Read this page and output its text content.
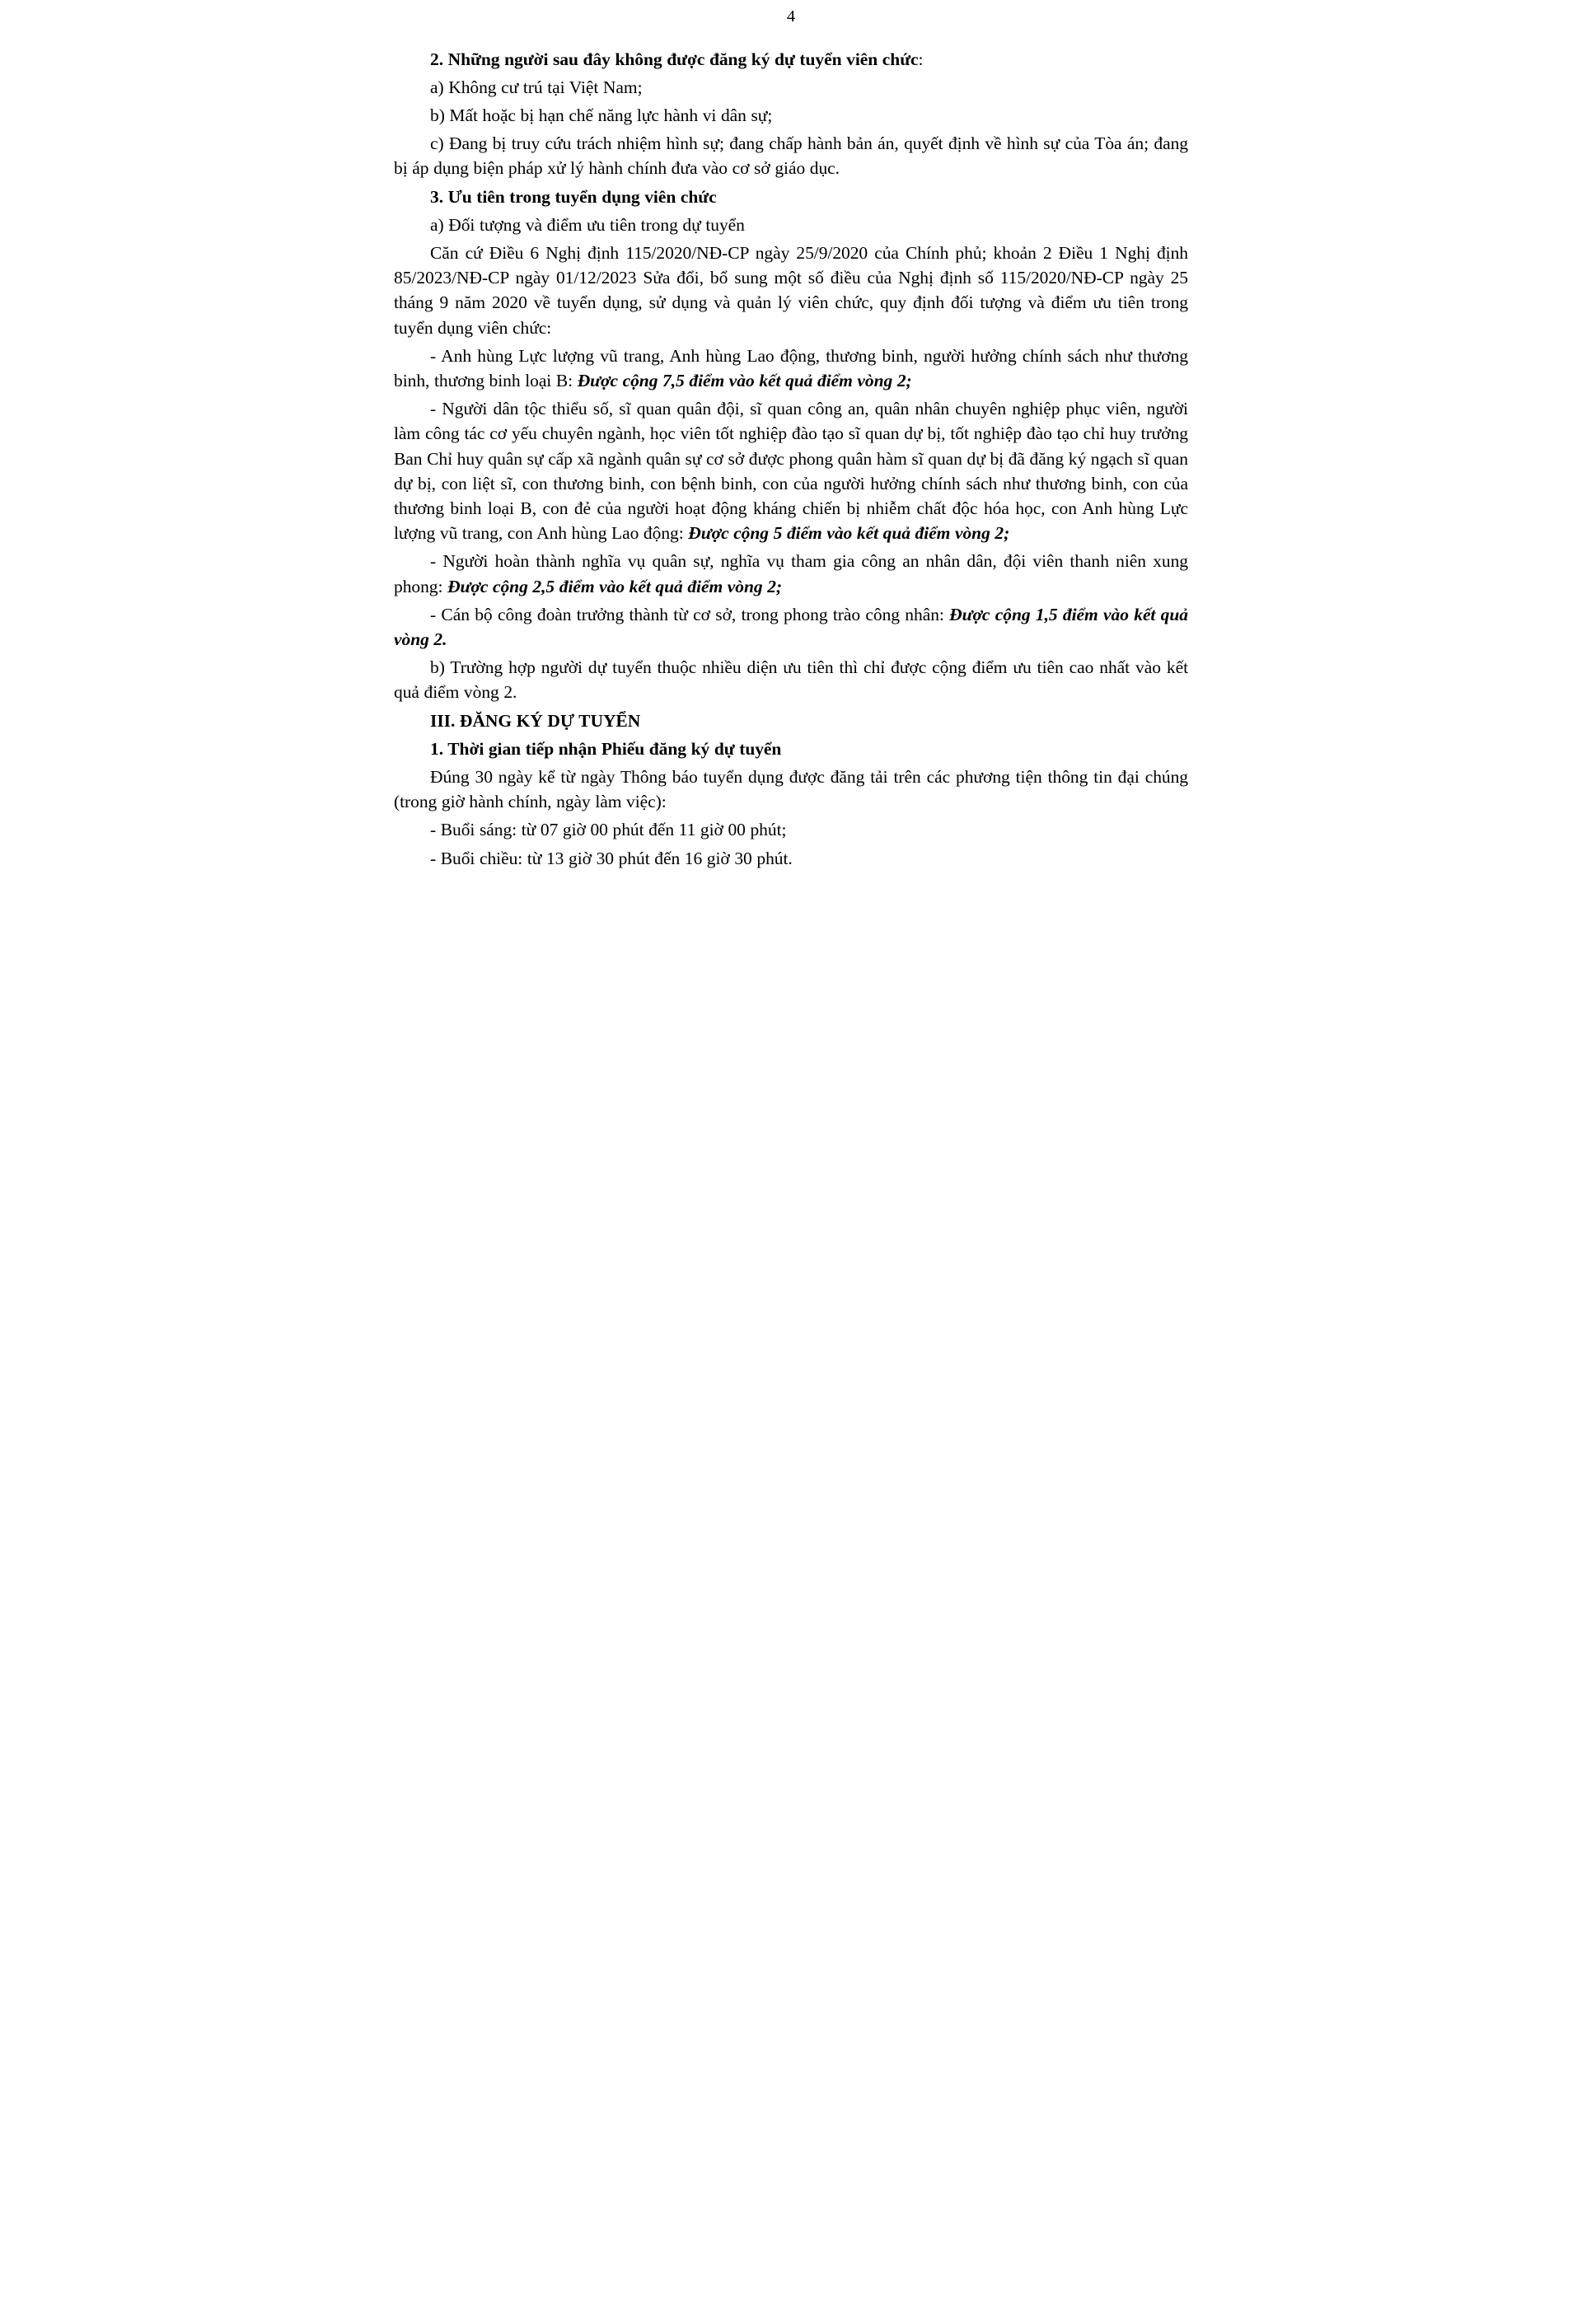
4

2. Những người sau đây không được đăng ký dự tuyển viên chức:

a) Không cư trú tại Việt Nam;

b) Mất hoặc bị hạn chế năng lực hành vi dân sự;

c) Đang bị truy cứu trách nhiệm hình sự; đang chấp hành bản án, quyết định về hình sự của Tòa án; đang bị áp dụng biện pháp xử lý hành chính đưa vào cơ sở giáo dục.

3. Ưu tiên trong tuyển dụng viên chức

a) Đối tượng và điểm ưu tiên trong dự tuyển

Căn cứ Điều 6 Nghị định 115/2020/NĐ-CP ngày 25/9/2020 của Chính phủ; khoản 2 Điều 1 Nghị định 85/2023/NĐ-CP ngày 01/12/2023 Sửa đổi, bổ sung một số điều của Nghị định số 115/2020/NĐ-CP ngày 25 tháng 9 năm 2020 về tuyển dụng, sử dụng và quản lý viên chức, quy định đối tượng và điểm ưu tiên trong tuyển dụng viên chức:

- Anh hùng Lực lượng vũ trang, Anh hùng Lao động, thương binh, người hưởng chính sách như thương binh, thương binh loại B: Được cộng 7,5 điểm vào kết quả điểm vòng 2;

- Người dân tộc thiểu số, sĩ quan quân đội, sĩ quan công an, quân nhân chuyên nghiệp phục viên, người làm công tác cơ yếu chuyên ngành, học viên tốt nghiệp đào tạo sĩ quan dự bị, tốt nghiệp đào tạo chỉ huy trưởng Ban Chỉ huy quân sự cấp xã ngành quân sự cơ sở được phong quân hàm sĩ quan dự bị đã đăng ký ngạch sĩ quan dự bị, con liệt sĩ, con thương binh, con bệnh binh, con của người hưởng chính sách như thương binh, con của thương binh loại B, con đẻ của người hoạt động kháng chiến bị nhiễm chất độc hóa học, con Anh hùng Lực lượng vũ trang, con Anh hùng Lao động: Được cộng 5 điểm vào kết quả điểm vòng 2;

- Người hoàn thành nghĩa vụ quân sự, nghĩa vụ tham gia công an nhân dân, đội viên thanh niên xung phong: Được cộng 2,5 điểm vào kết quả điểm vòng 2;

- Cán bộ công đoàn trưởng thành từ cơ sở, trong phong trào công nhân: Được cộng 1,5 điểm vào kết quả vòng 2.

b) Trường hợp người dự tuyển thuộc nhiều diện ưu tiên thì chỉ được cộng điểm ưu tiên cao nhất vào kết quả điểm vòng 2.

III. ĐĂNG KÝ DỰ TUYỂN

1. Thời gian tiếp nhận Phiếu đăng ký dự tuyển

Đúng 30 ngày kể từ ngày Thông báo tuyển dụng được đăng tải trên các phương tiện thông tin đại chúng (trong giờ hành chính, ngày làm việc):

- Buổi sáng: từ 07 giờ 00 phút đến 11 giờ 00 phút;

- Buổi chiều: từ 13 giờ 30 phút đến 16 giờ 30 phút.
